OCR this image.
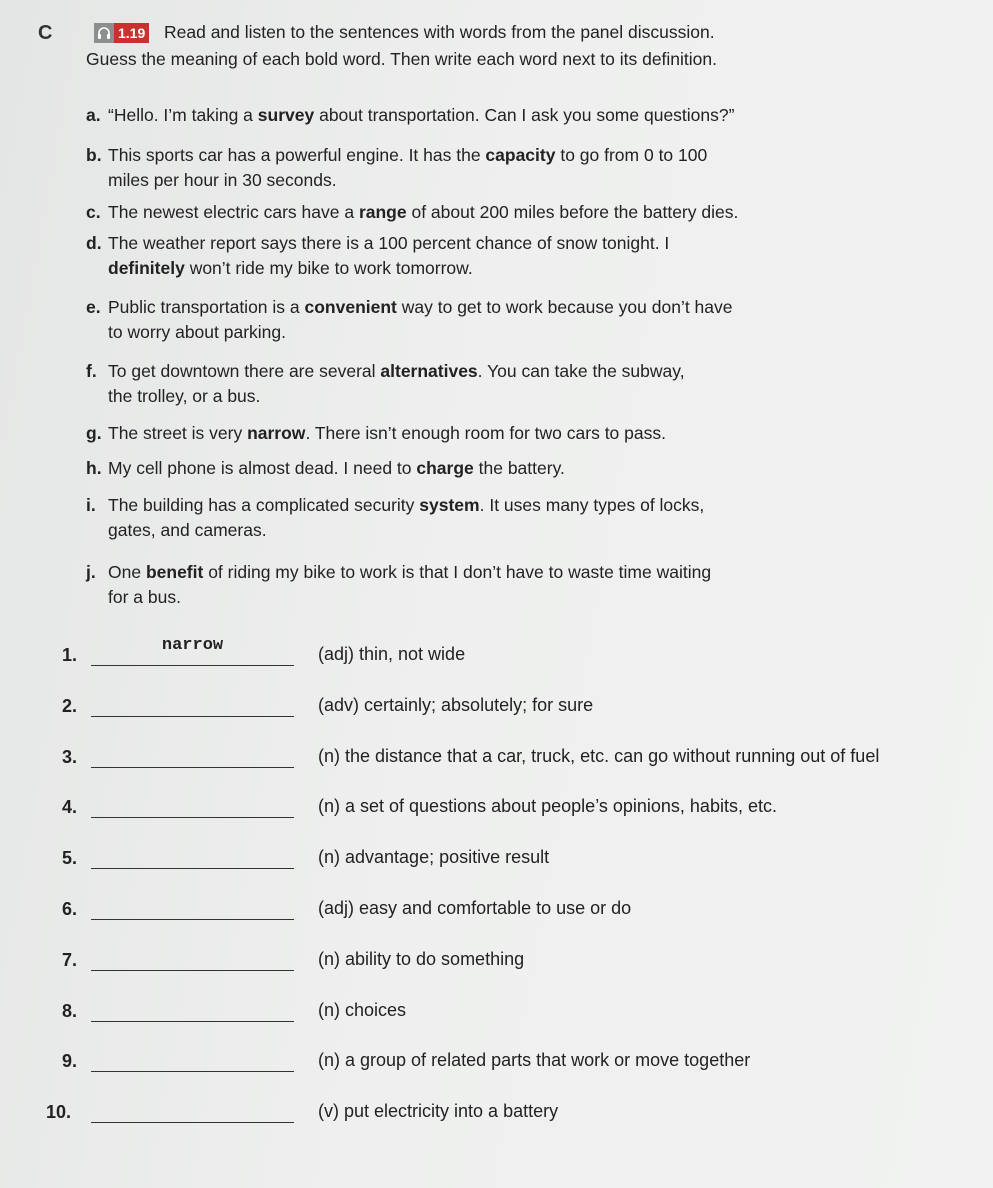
C	1.19 Read and listen to the sentences with words from the panel discussion.
Guess the meaning of each bold word. Then write each word next to its definition.
a. “Hello. I’m taking a survey about transportation. Can I ask you some questions?”
b. This sports car has a powerful engine. It has the capacity to go from 0 to 100
miles per hour in 30 seconds.
c. The newest electric cars have a range of about 200 miles before the battery dies.
d. The weather report says there is a 100 percent chance of snow tonight. I
definitely won’t ride my bike to work tomorrow.
e. Public transportation is a convenient way to get to work because you don’t have
to worry about parking.
f. To get downtown there are several alternatives. You can take the subway,
the trolley, or a bus.
g. The street is very narrow. There isn’t enough room for two cars to pass.
h. My cell phone is almost dead. I need to charge the battery.
i. The building has a complicated security system. It uses many types of locks,
gates, and cameras.
j. One benefit of riding my bike to work is that I don’t have to waste time waiting
for a bus.
1.	narrow	(adj) thin, not wide
2.	(adv) certainly; absolutely; for sure
3.	(n) the distance that a car, truck, etc. can go without running out of fuel
4.	(n) a set of questions about people’s opinions, habits, etc.
5.	(n) advantage; positive result
6.	(adj) easy and comfortable to use or do
7.	(n) ability to do something
8.	(n) choices
9.	(n) a group of related parts that work or move together
10.	(v) put electricity into a battery
